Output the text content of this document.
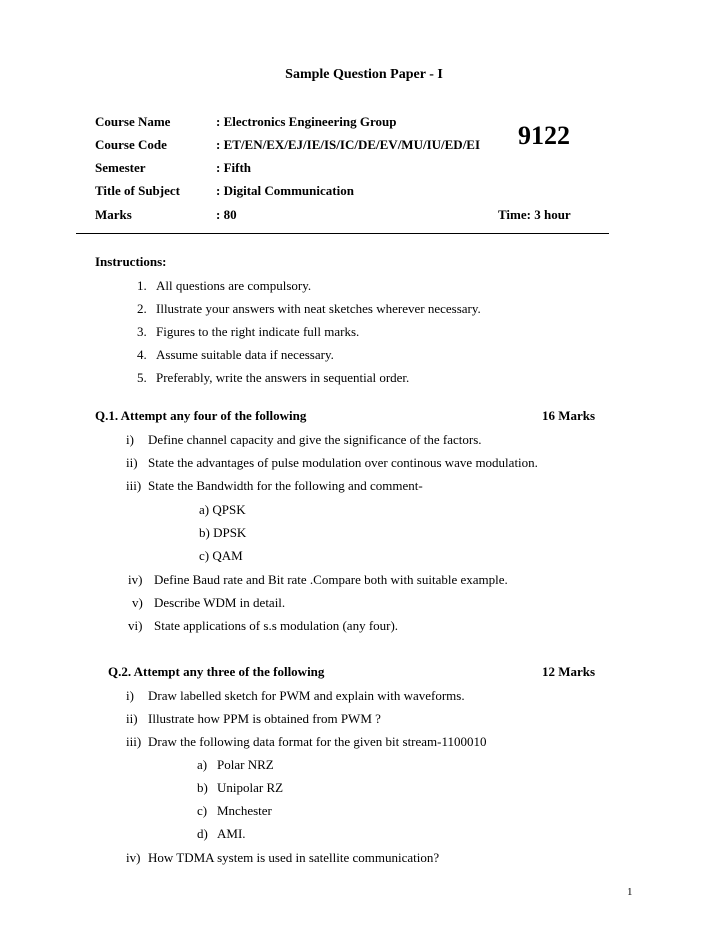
Sample Question Paper - I
Course Name	: Electronics Engineering Group
Course Code	: ET/EN/EX/EJ/IE/IS/IC/DE/EV/MU/IU/ED/EI
Semester	: Fifth
Title of Subject	: Digital Communication
Marks	: 80
9122
Time: 3 hour
Instructions:
1. All questions are compulsory.
2. Illustrate your answers with neat sketches wherever necessary.
3. Figures to the right indicate full marks.
4. Assume suitable data if necessary.
5. Preferably, write the answers in sequential order.
Q.1. Attempt any four of the following	16 Marks
i) Define channel capacity and give the significance of the factors.
ii) State the advantages of pulse modulation over continous wave modulation.
iii) State the Bandwidth for the following and comment-
a) QPSK
b) DPSK
c) QAM
iv) Define Baud rate and Bit rate .Compare both with suitable example.
v) Describe WDM in detail.
vi) State applications of s.s modulation (any four).
Q.2. Attempt any three of the following	12 Marks
i) Draw labelled sketch for PWM and explain with waveforms.
ii) Illustrate how PPM is obtained from PWM ?
iii) Draw the following data format for the given bit stream-1100010
a) Polar NRZ
b) Unipolar RZ
c) Mnchester
d) AMI.
iv) How TDMA system is used in satellite communication?
1
